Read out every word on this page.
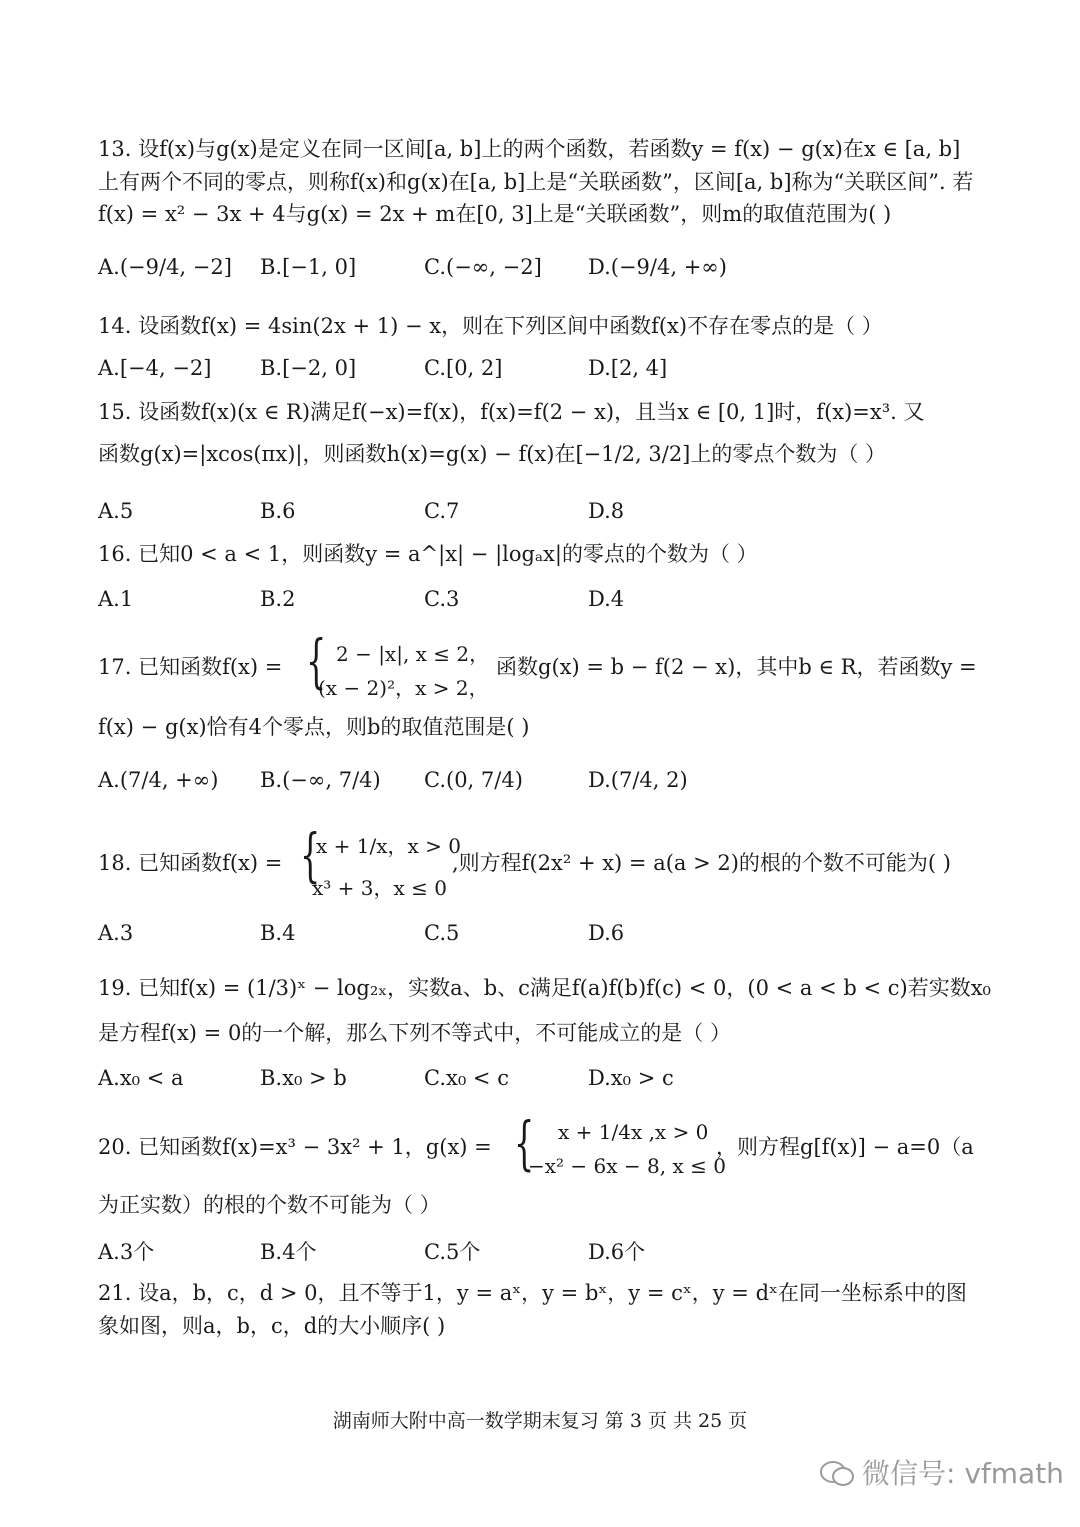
13. 设f(x)与g(x)是定义在同一区间[a, b]上的两个函数，若函数y = f(x) − g(x)在x ∈ [a, b]
上有两个不同的零点，则称f(x)和g(x)在[a, b]上是“关联函数”，区间[a, b]称为“关联区间”. 若
f(x) = x² − 3x + 4与g(x) = 2x + m在[0, 3]上是“关联函数”，则m的取值范围为( )
A.(−9/4, −2] B.[−1, 0]	C.(−∞, −2] D.(−9/4, +∞)
14. 设函数f(x) = 4sin(2x + 1) − x，则在下列区间中函数f(x)不存在零点的是（ ）
A.[−4, −2] B.[−2, 0]	C.[0, 2]	D.[2, 4]
15. 设函数f(x)(x ∈ R)满足f(−x)=f(x)，f(x)=f(2 − x)，且当x ∈ [0, 1]时，f(x)=x³. 又
函数g(x)=|xcos(πx)|，则函数h(x)=g(x) − f(x)在[−1/2, 3/2]上的零点个数为（ ）
A.5	B.6	C.7	D.8
16. 已知0 < a < 1，则函数y = a^|x| − |logₐx|的零点的个数为（ ）
A.1	B.2	C.3	D.4
17. 已知函数f(x) = { 2 − |x|, x ≤ 2，
(x − 2)²，x > 2，
函数g(x) = b − f(2 − x)，其中b ∈ R，若函数y =
f(x) − g(x)恰有4个零点，则b的取值范围是( )
A.(7/4, +∞) B.(−∞, 7/4) C.(0, 7/4)	D.(7/4, 2)
18. 已知函数f(x) = {
x + 1/x，x > 0
x³ + 3，x ≤ 0
,则方程f(2x² + x) = a(a > 2)的根的个数不可能为( )
A.3	B.4	C.5	D.6
19. 已知f(x) = (1/3)ˣ − log₂ₓ，实数a、b、c满足f(a)f(b)f(c) < 0，(0 < a < b < c)若实数x₀
是方程f(x) = 0的一个解，那么下列不等式中，不可能成立的是（ ）
A.x₀ < a	B.x₀ > b	C.x₀ < c	D.x₀ > c
20. 已知函数f(x)=x³ − 3x² + 1，g(x) = { x + 1/4x ,x > 0
−x² − 6x − 8, x ≤ 0
，则方程g[f(x)] − a=0（a
为正实数）的根的个数不可能为（ ）
A.3个	B.4个	C.5个	D.6个
21. 设a，b，c，d > 0，且不等于1，y = aˣ，y = bˣ，y = cˣ，y = dˣ在同一坐标系中的图
象如图，则a，b，c，d的大小顺序( )
湖南师大附中高一数学期末复习 第 3 页 共 25 页
微信号: vfmath
